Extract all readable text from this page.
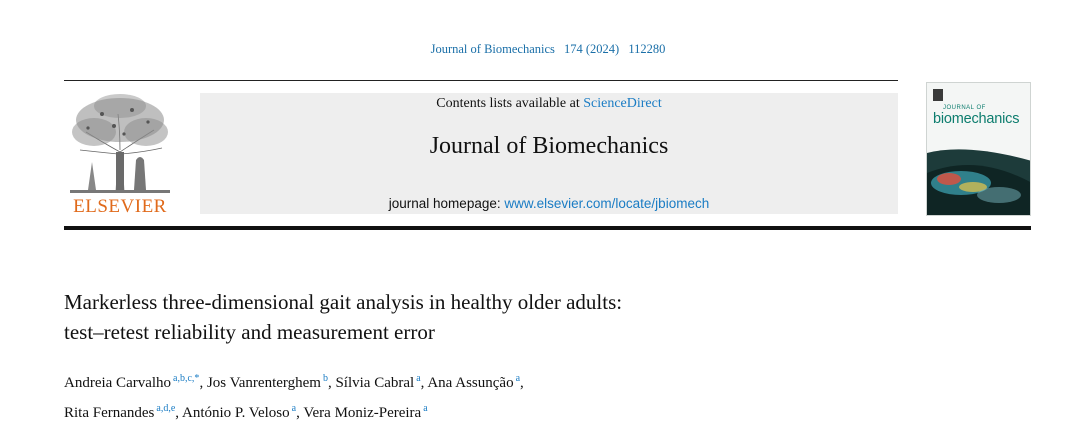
Journal of Biomechanics 174 (2024) 112280
ELSEVIER
Contents lists available at ScienceDirect
Journal of Biomechanics
journal homepage: www.elsevier.com/locate/jbiomech
JOURNAL OF
biomechanics
Markerless three-dimensional gait analysis in healthy older adults:
test–retest reliability and measurement error
Andreia Carvalho $^{a,b,c,*}$, Jos Vanrenterghem $^b$, Sílvia Cabral $^a$, Ana Assunção $^a$,
Rita Fernandes $^{a,d,e}$, António P. Veloso $^a$, Vera Moniz-Pereira $^a$
